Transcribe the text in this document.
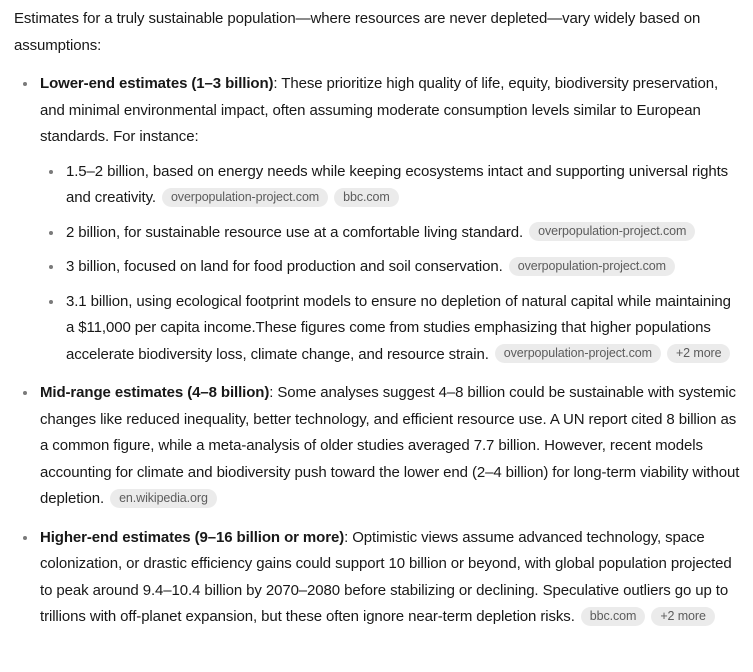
Estimates for a truly sustainable population—where resources are never depleted—vary widely based on assumptions:

Lower-end estimates (1–3 billion): These prioritize high quality of life, equity, biodiversity preservation, and minimal environmental impact, often assuming moderate consumption levels similar to European standards. For instance:
1.5–2 billion, based on energy needs while keeping ecosystems intact and supporting universal rights and creativity. overpopulation-project.com bbc.com
2 billion, for sustainable resource use at a comfortable living standard. overpopulation-project.com
3 billion, focused on land for food production and soil conservation. overpopulation-project.com
3.1 billion, using ecological footprint models to ensure no depletion of natural capital while maintaining a $11,000 per capita income.These figures come from studies emphasizing that higher populations accelerate biodiversity loss, climate change, and resource strain. overpopulation-project.com +2 more
Mid-range estimates (4–8 billion): Some analyses suggest 4–8 billion could be sustainable with systemic changes like reduced inequality, better technology, and efficient resource use. A UN report cited 8 billion as a common figure, while a meta-analysis of older studies averaged 7.7 billion. However, recent models accounting for climate and biodiversity push toward the lower end (2–4 billion) for long-term viability without depletion. en.wikipedia.org
Higher-end estimates (9–16 billion or more): Optimistic views assume advanced technology, space colonization, or drastic efficiency gains could support 10 billion or beyond, with global population projected to peak around 9.4–10.4 billion by 2070–2080 before stabilizing or declining. Speculative outliers go up to trillions with off-planet expansion, but these often ignore near-term depletion risks. bbc.com +2 more
